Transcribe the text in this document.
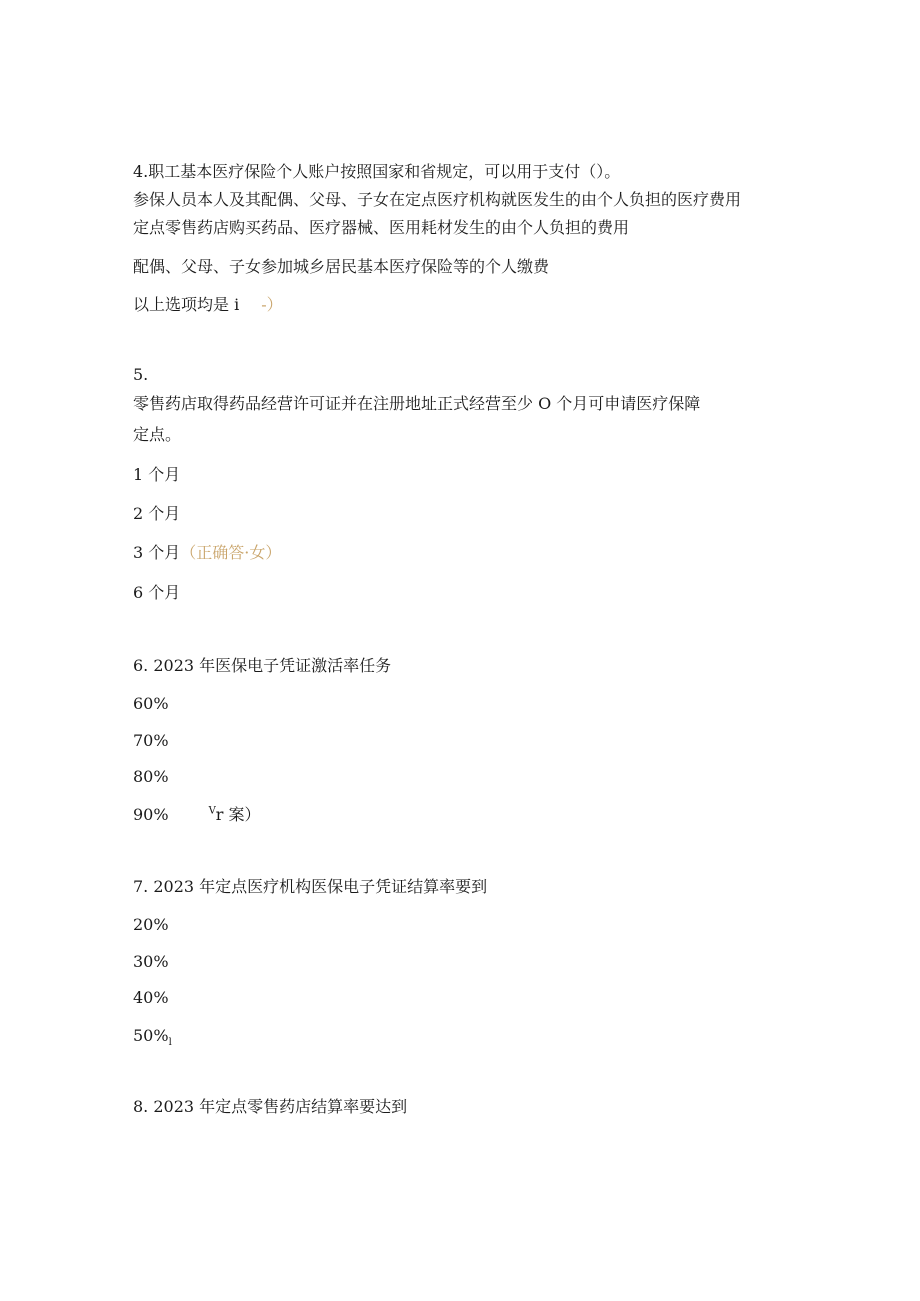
4.职工基本医疗保险个人账户按照国家和省规定，可以用于支付（）。
参保人员本人及其配偶、父母、子女在定点医疗机构就医发生的由个人负担的医疗费用
定点零售药店购买药品、医疗器械、医用耗材发生的由个人负担的费用
配偶、父母、子女参加城乡居民基本医疗保险等的个人缴费
以上选项均是 i -）
5.
零售药店取得药品经营许可证并在注册地址正式经营至少 O 个月可申请医疗保障
定点。
1 个月
2 个月
3 个月（正确答·女）
6 个月
6. 2023 年医保电子凭证激活率任务
60%
70%
80%
90%	$^V$r 案）
7. 2023 年定点医疗机构医保电子凭证结算率要到
20%
30%
40%
$50\%_l$
8. 2023 年定点零售药店结算率要达到
